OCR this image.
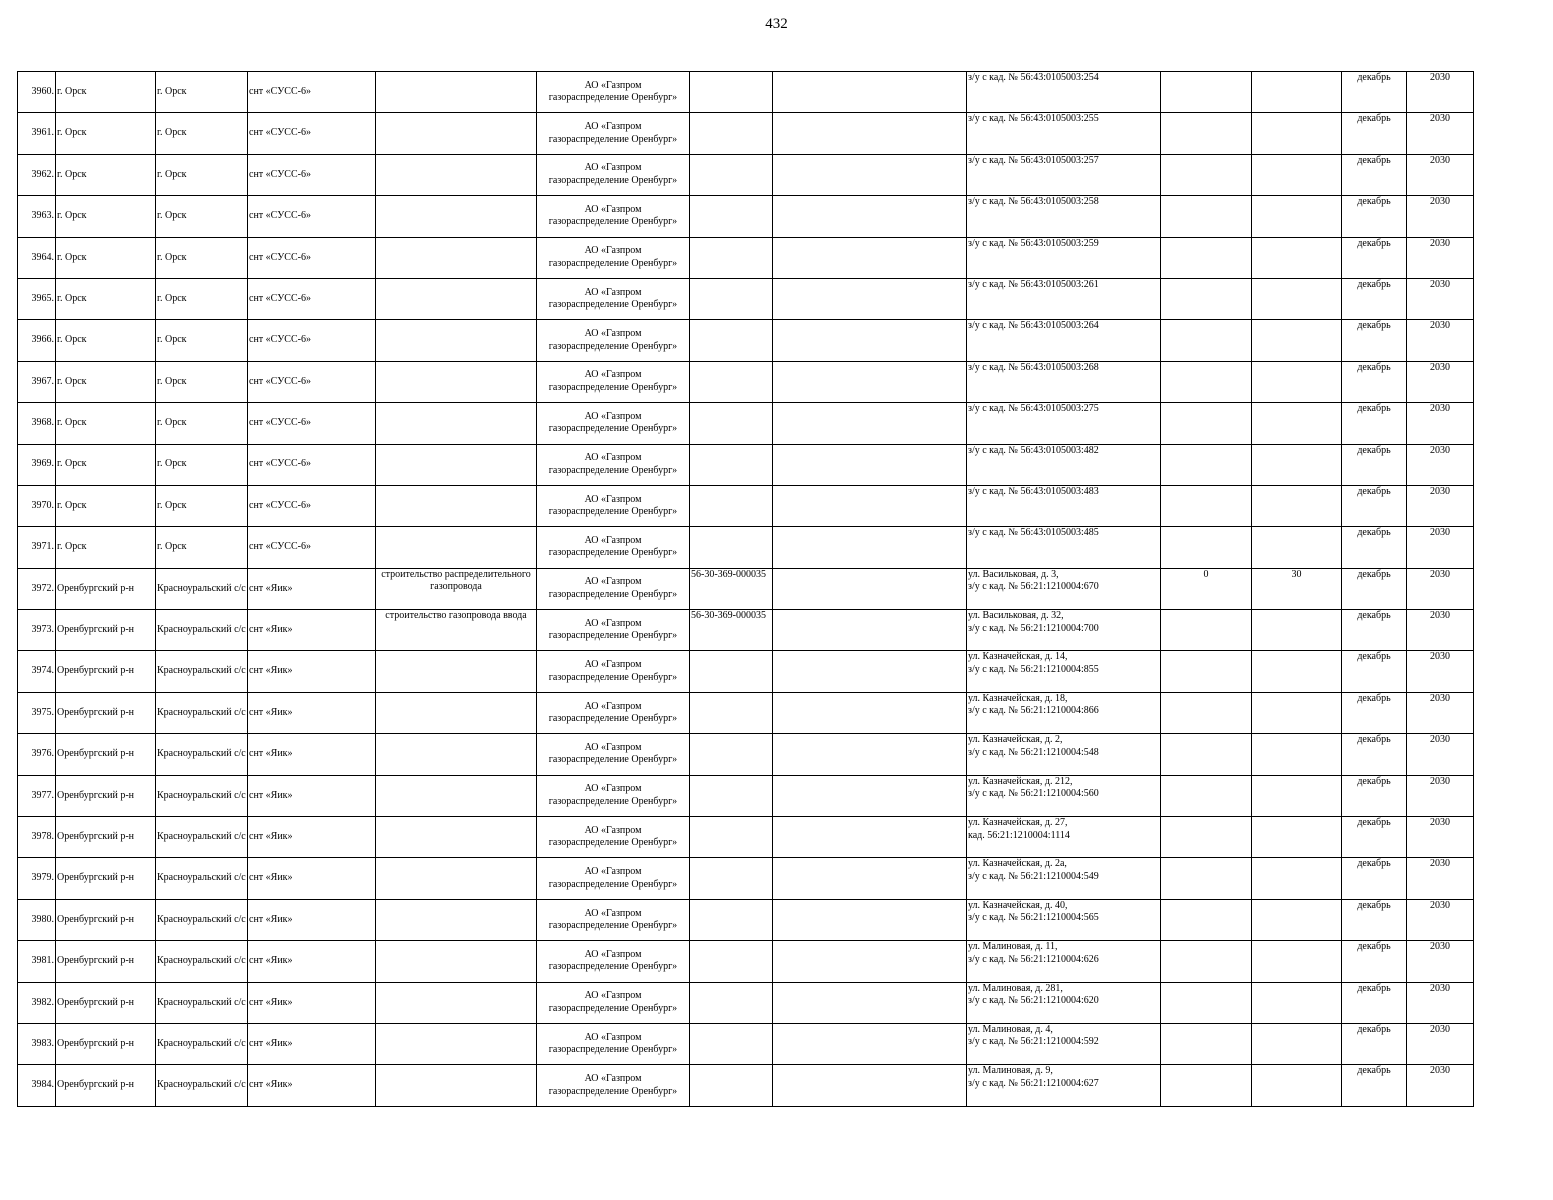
432
3960.	г. Орск	г. Орск	снт «СУСС-6»		АО «Газпром
газораспределение Оренбург»			з/у с кад. № 56:43:0105003:254			декабрь	2030
3961.	г. Орск	г. Орск	снт «СУСС-6»		АО «Газпром
газораспределение Оренбург»			з/у с кад. № 56:43:0105003:255			декабрь	2030
3962.	г. Орск	г. Орск	снт «СУСС-6»		АО «Газпром
газораспределение Оренбург»			з/у с кад. № 56:43:0105003:257			декабрь	2030
3963.	г. Орск	г. Орск	снт «СУСС-6»		АО «Газпром
газораспределение Оренбург»			з/у с кад. № 56:43:0105003:258			декабрь	2030
3964.	г. Орск	г. Орск	снт «СУСС-6»		АО «Газпром
газораспределение Оренбург»			з/у с кад. № 56:43:0105003:259			декабрь	2030
3965.	г. Орск	г. Орск	снт «СУСС-6»		АО «Газпром
газораспределение Оренбург»			з/у с кад. № 56:43:0105003:261			декабрь	2030
3966.	г. Орск	г. Орск	снт «СУСС-6»		АО «Газпром
газораспределение Оренбург»			з/у с кад. № 56:43:0105003:264			декабрь	2030
3967.	г. Орск	г. Орск	снт «СУСС-6»		АО «Газпром
газораспределение Оренбург»			з/у с кад. № 56:43:0105003:268			декабрь	2030
3968.	г. Орск	г. Орск	снт «СУСС-6»		АО «Газпром
газораспределение Оренбург»			з/у с кад. № 56:43:0105003:275			декабрь	2030
3969.	г. Орск	г. Орск	снт «СУСС-6»		АО «Газпром
газораспределение Оренбург»			з/у с кад. № 56:43:0105003:482			декабрь	2030
3970.	г. Орск	г. Орск	снт «СУСС-6»		АО «Газпром
газораспределение Оренбург»			з/у с кад. № 56:43:0105003:483			декабрь	2030
3971.	г. Орск	г. Орск	снт «СУСС-6»		АО «Газпром
газораспределение Оренбург»			з/у с кад. № 56:43:0105003:485			декабрь	2030
3972.	Оренбургский р-н	Красноуральский с/с	снт «Яик»	строительство распределительного газопровода	АО «Газпром
газораспределение Оренбург»	56-30-369-000035		ул. Васильковая, д. 3,
з/у с кад. № 56:21:1210004:670	0	30	декабрь	2030
3973.	Оренбургский р-н	Красноуральский с/с	снт «Яик»	строительство газопровода ввода	АО «Газпром
газораспределение Оренбург»	56-30-369-000035		ул. Васильковая, д. 32,
з/у с кад. № 56:21:1210004:700			декабрь	2030
3974.	Оренбургский р-н	Красноуральский с/с	снт «Яик»		АО «Газпром
газораспределение Оренбург»			ул. Казначейская, д. 14,
з/у с кад. № 56:21:1210004:855			декабрь	2030
3975.	Оренбургский р-н	Красноуральский с/с	снт «Яик»		АО «Газпром
газораспределение Оренбург»			ул. Казначейская, д. 18,
з/у с кад. № 56:21:1210004:866			декабрь	2030
3976.	Оренбургский р-н	Красноуральский с/с	снт «Яик»		АО «Газпром
газораспределение Оренбург»			ул. Казначейская, д. 2,
з/у с кад. № 56:21:1210004:548			декабрь	2030
3977.	Оренбургский р-н	Красноуральский с/с	снт «Яик»		АО «Газпром
газораспределение Оренбург»			ул. Казначейская, д. 212,
з/у с кад. № 56:21:1210004:560			декабрь	2030
3978.	Оренбургский р-н	Красноуральский с/с	снт «Яик»		АО «Газпром
газораспределение Оренбург»			ул. Казначейская, д. 27,
кад. 56:21:1210004:1114			декабрь	2030
3979.	Оренбургский р-н	Красноуральский с/с	снт «Яик»		АО «Газпром
газораспределение Оренбург»			ул. Казначейская, д. 2а,
з/у с кад. № 56:21:1210004:549			декабрь	2030
3980.	Оренбургский р-н	Красноуральский с/с	снт «Яик»		АО «Газпром
газораспределение Оренбург»			ул. Казначейская, д. 40,
з/у с кад. № 56:21:1210004:565			декабрь	2030
3981.	Оренбургский р-н	Красноуральский с/с	снт «Яик»		АО «Газпром
газораспределение Оренбург»			ул. Малиновая, д. 11,
з/у с кад. № 56:21:1210004:626			декабрь	2030
3982.	Оренбургский р-н	Красноуральский с/с	снт «Яик»		АО «Газпром
газораспределение Оренбург»			ул. Малиновая, д. 281,
з/у с кад. № 56:21:1210004:620			декабрь	2030
3983.	Оренбургский р-н	Красноуральский с/с	снт «Яик»		АО «Газпром
газораспределение Оренбург»			ул. Малиновая, д. 4,
з/у с кад. № 56:21:1210004:592			декабрь	2030
3984.	Оренбургский р-н	Красноуральский с/с	снт «Яик»		АО «Газпром
газораспределение Оренбург»			ул. Малиновая, д. 9,
з/у с кад. № 56:21:1210004:627			декабрь	2030
